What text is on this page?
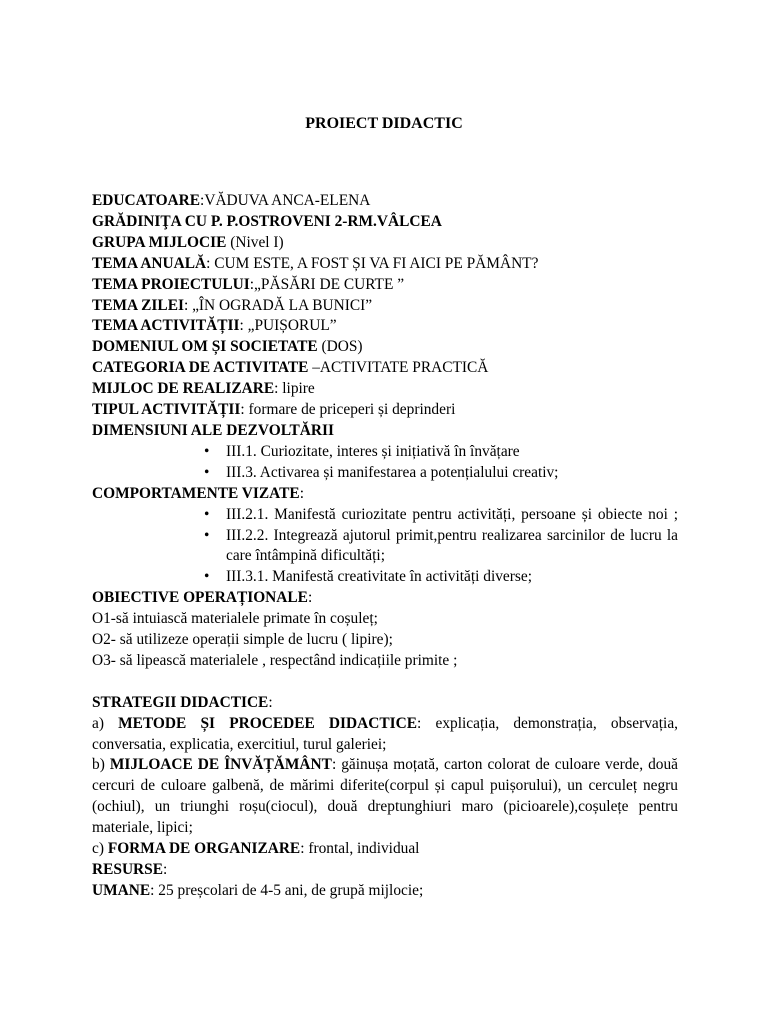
PROIECT DIDACTIC
EDUCATOARE:VĂDUVA ANCA-ELENA
GRĂDINIŢA CU P. P.OSTROVENI 2-RM.VÂLCEA
GRUPA MIJLOCIE (Nivel I)
TEMA ANUALĂ: CUM ESTE, A FOST ȘI VA FI AICI PE PĂMÂNT?
TEMA PROIECTULUI:„PĂSĂRI DE CURTE ”
TEMA ZILEI: „ÎN OGRADĂ LA BUNICI”
TEMA ACTIVITĂȚII: „PUIȘORUL”
DOMENIUL OM ȘI SOCIETATE (DOS)
CATEGORIA DE ACTIVITATE –ACTIVITATE PRACTICĂ
MIJLOC DE REALIZARE: lipire
TIPUL ACTIVITĂȚII: formare de priceperi și deprinderi
DIMENSIUNI ALE DEZVOLTĂRII
• III.1. Curiozitate, interes și inițiativă în învățare
• III.3. Activarea și manifestarea a potențialului creativ;
COMPORTAMENTE VIZATE:
• III.2.1. Manifestă curiozitate pentru activități, persoane și obiecte noi ;
• III.2.2. Integrează ajutorul primit,pentru realizarea sarcinilor de lucru la care întâmpină dificultăți;
• III.3.1. Manifestă creativitate în activități diverse;
OBIECTIVE OPERAȚIONALE:
O1-să intuiască materialele primate în coșuleț;
O2- să utilizeze operații simple de lucru ( lipire);
O3- să lipească materialele , respectând indicațiile primite ;
STRATEGII DIDACTICE:
a) METODE ȘI PROCEDEE DIDACTICE: explicația, demonstrația, observația, conversatia, explicatia, exercitiul, turul galeriei;
b) MIJLOACE DE ÎNVĂȚĂMÂNT: găinușa moțată, carton colorat de culoare verde, două cercuri de culoare galbenă, de mărimi diferite(corpul și capul puișorului), un cerculeț negru (ochiul), un triunghi roșu(ciocul), două dreptunghiuri maro (picioarele),coșulețe pentru materiale, lipici;
c) FORMA DE ORGANIZARE: frontal, individual
RESURSE:
UMANE: 25 preșcolari de 4-5 ani, de grupă mijlocie;
